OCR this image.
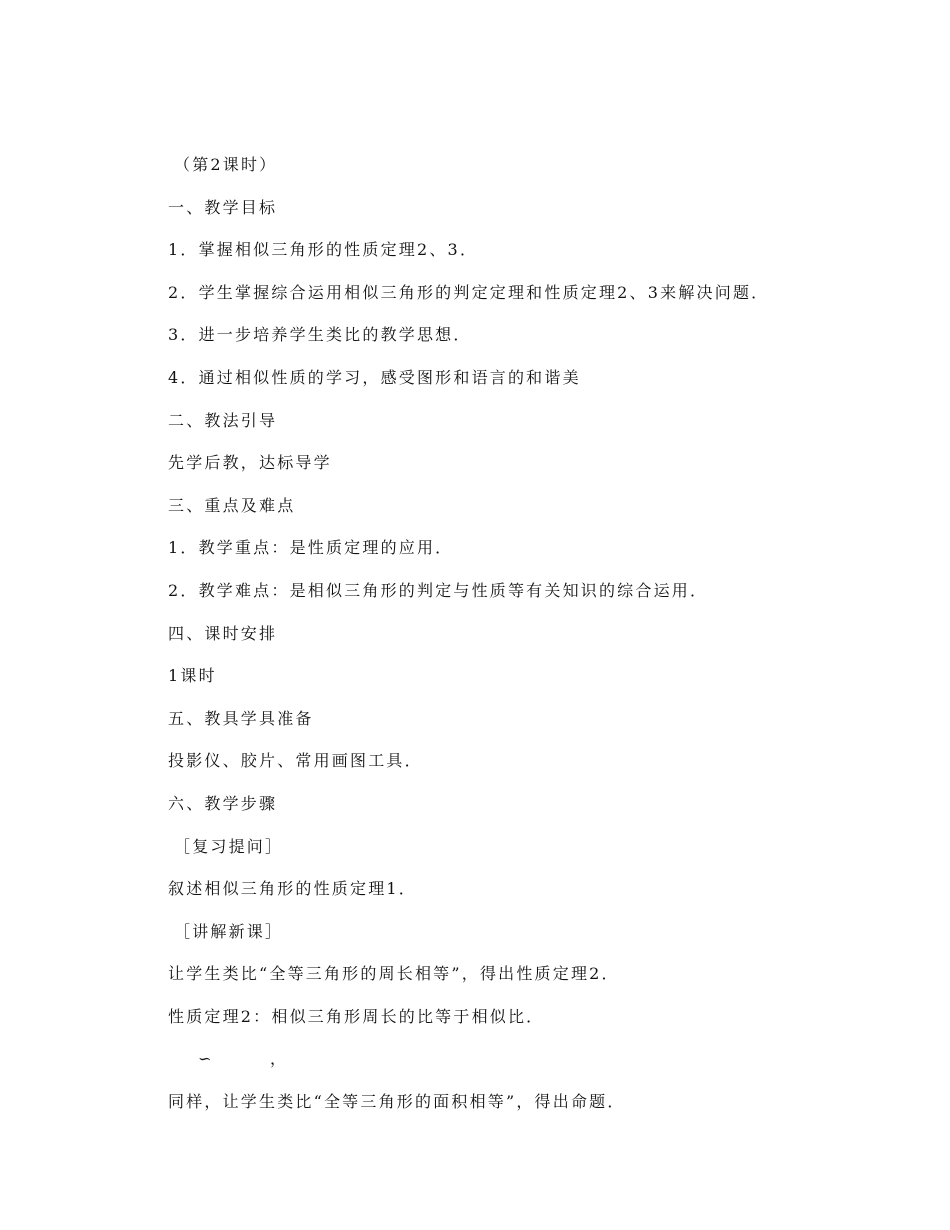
（第2课时）
一、教学目标
1．掌握相似三角形的性质定理2、3．
2．学生掌握综合运用相似三角形的判定定理和性质定理2、3来解决问题．
3．进一步培养学生类比的教学思想．
4．通过相似性质的学习，感受图形和语言的和谐美
二、教法引导
先学后教，达标导学
三、重点及难点
1．教学重点：是性质定理的应用．
2．教学难点：是相似三角形的判定与性质等有关知识的综合运用．
四、课时安排
1课时
五、教具学具准备
投影仪、胶片、常用画图工具．
六、教学步骤
［复习提问］
叙述相似三角形的性质定理1．
［讲解新课］
让学生类比“全等三角形的周长相等”，得出性质定理2．
性质定理2：相似三角形周长的比等于相似比．
∽	，
同样，让学生类比“全等三角形的面积相等”，得出命题．
